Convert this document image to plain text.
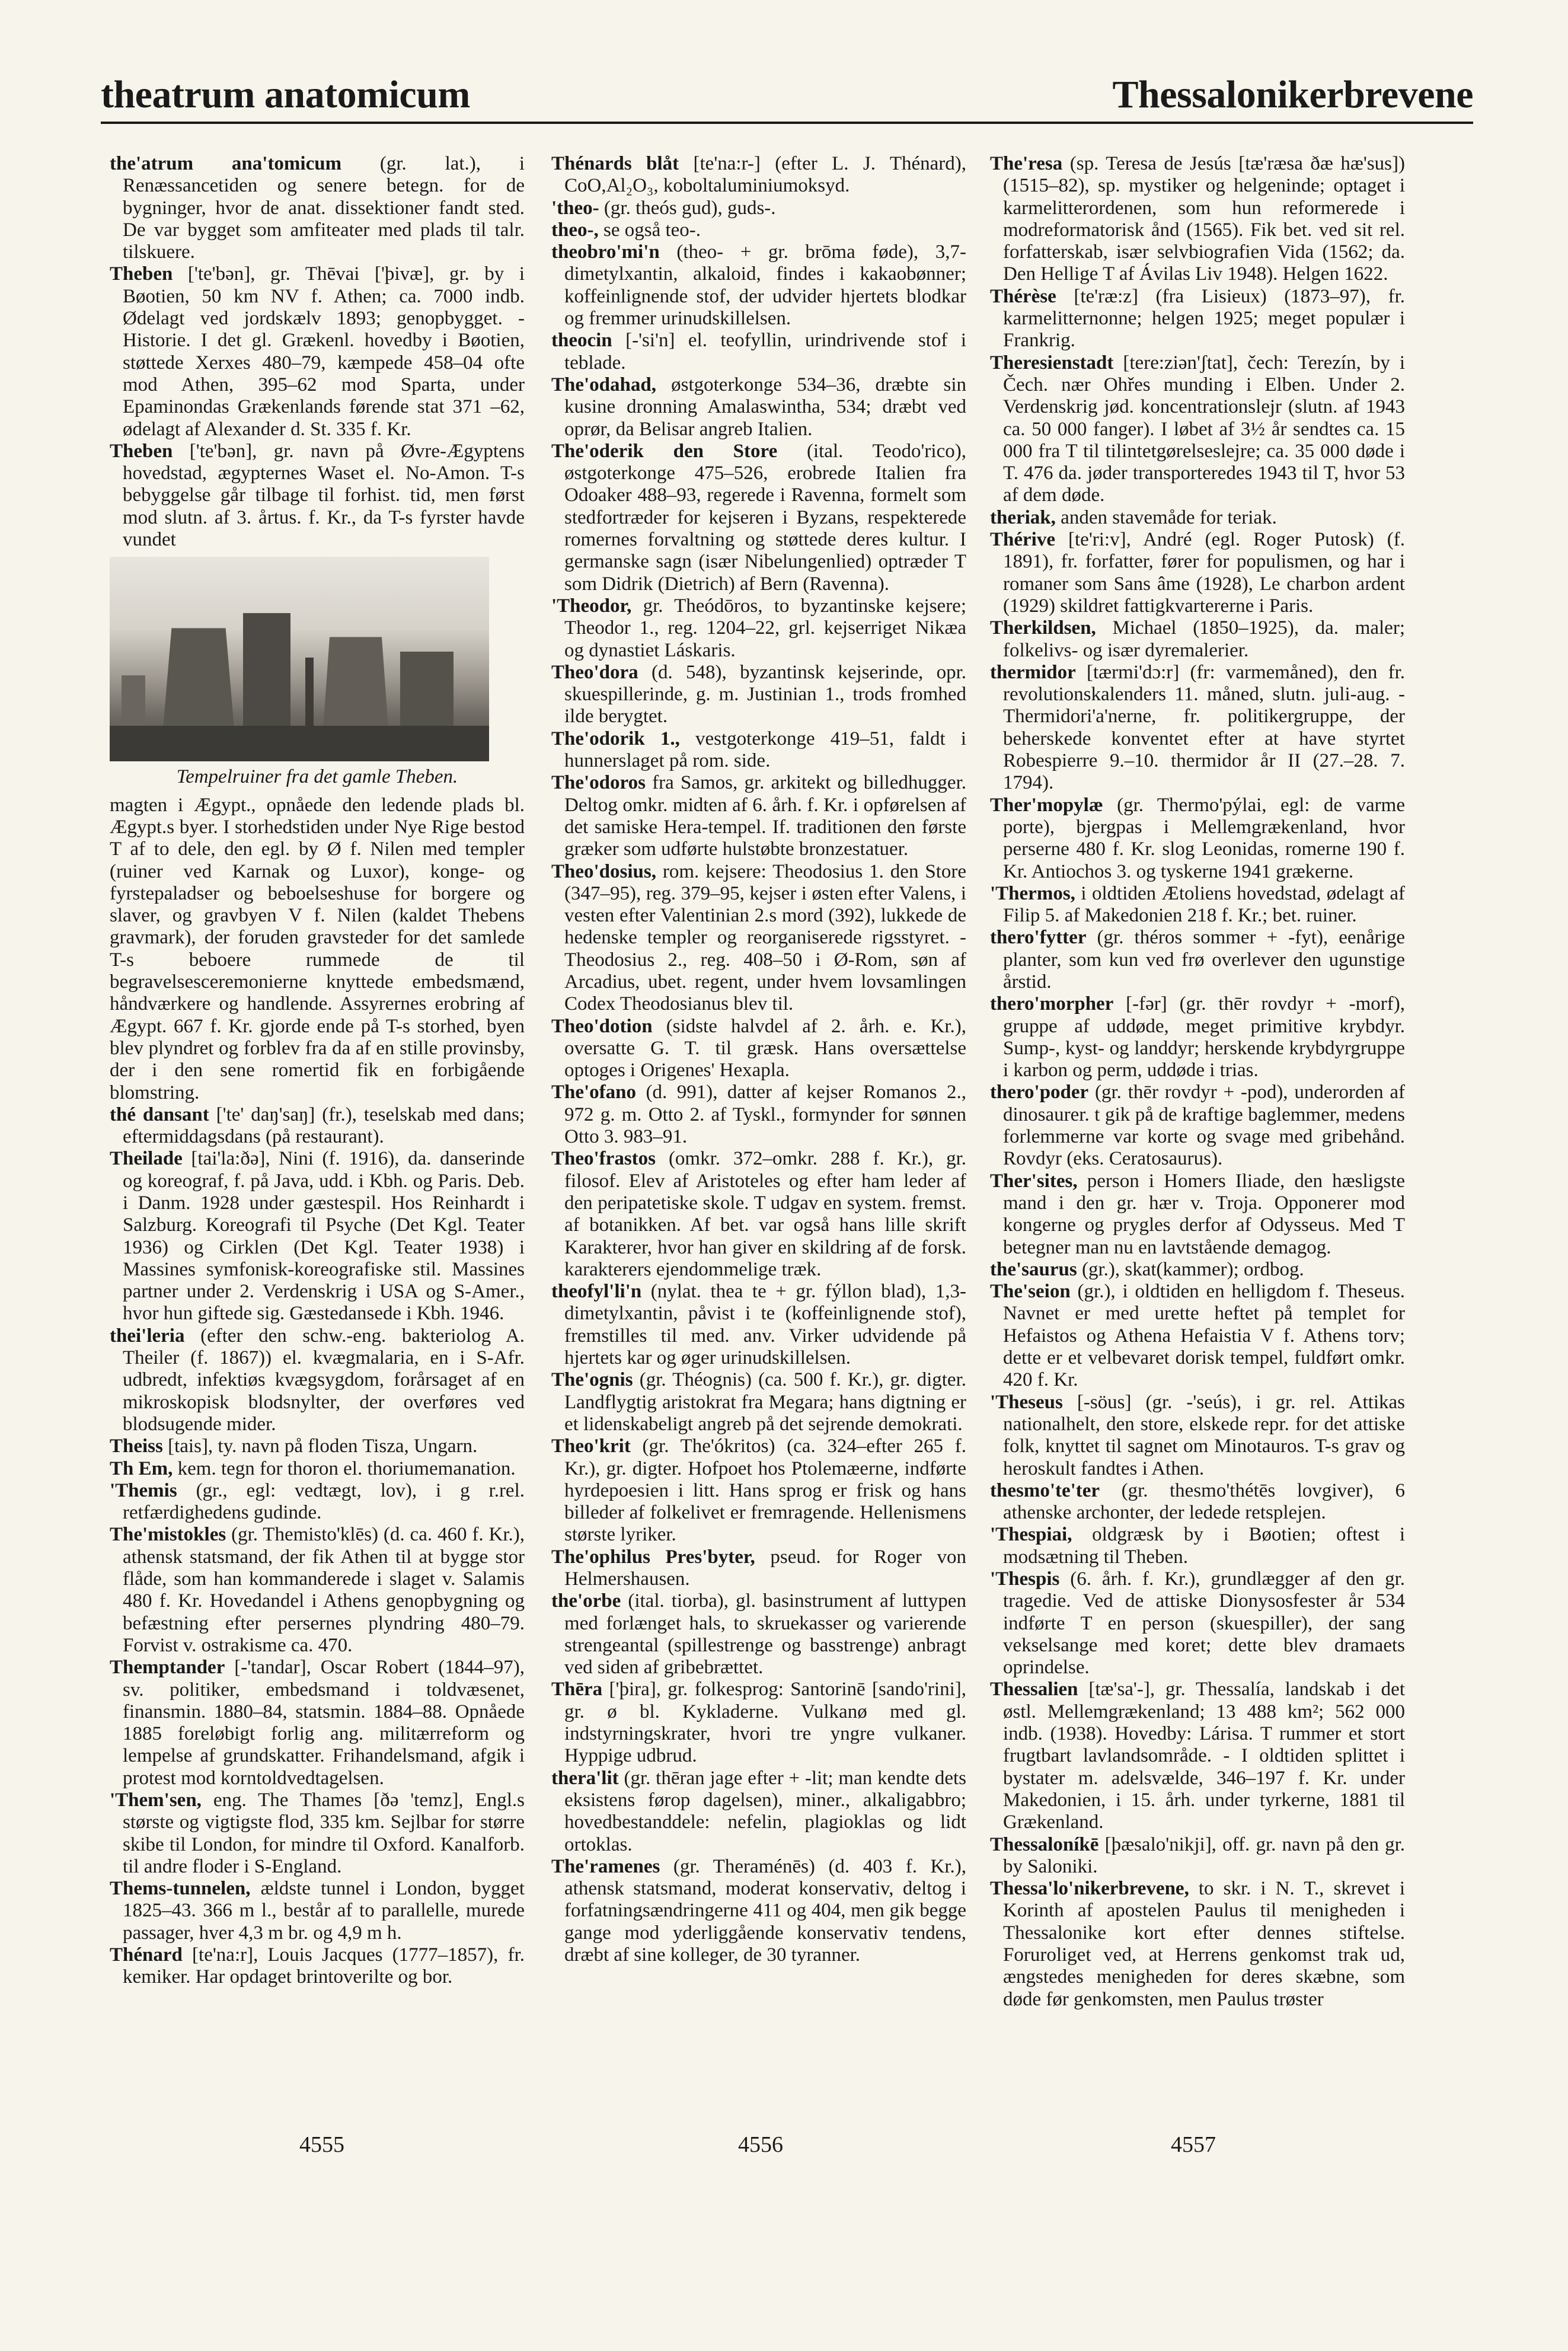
theatrum anatomicum	Thessalonikerbrevene

the'atrum ana'tomicum (gr. lat.), i Renæssancetiden og senere betegn. for de bygninger, hvor de anat. dissektioner fandt sted. De var bygget som amfiteater med plads til talr. tilskuere.

Theben ['te'bən], gr. Thēvai ['þivæ], gr. by i Bøotien, 50 km NV f. Athen; ca. 7000 indb. Ødelagt ved jordskælv 1893; genopbygget. - Historie. I det gl. Grækenl. hovedby i Bøotien, støttede Xerxes 480–79, kæmpede 458–04 ofte mod Athen, 395–62 mod Sparta, under Epaminondas Grækenlands førende stat 371 –62, ødelagt af Alexander d. St. 335 f. Kr.

Theben ['te'bən], gr. navn på Øvre-Ægyptens hovedstad, ægypternes Waset el. No-Amon. T-s bebyggelse går tilbage til forhist. tid, men først mod slutn. af 3. årtus. f. Kr., da T-s fyrster havde vundet

Tempelruiner fra det gamle Theben.

magten i Ægypt., opnåede den ledende plads bl. Ægypt.s byer. I storhedstiden under Nye Rige bestod T af to dele, den egl. by Ø f. Nilen med templer (ruiner ved Karnak og Luxor), konge- og fyrstepaladser og beboelseshuse for borgere og slaver, og gravbyen V f. Nilen (kaldet Thebens gravmark), der foruden gravsteder for det samlede T-s beboere rummede de til begravelsesceremonierne knyttede embedsmænd, håndværkere og handlende. Assyrernes erobring af Ægypt. 667 f. Kr. gjorde ende på T-s storhed, byen blev plyndret og forblev fra da af en stille provinsby, der i den sene romertid fik en forbigående blomstring.

thé dansant ['te' daŋ'saŋ] (fr.), teselskab med dans; eftermiddagsdans (på restaurant).

Theilade [tai'la:ðə], Nini (f. 1916), da. danserinde og koreograf, f. på Java, udd. i Kbh. og Paris. Deb. i Danm. 1928 under gæstespil. Hos Reinhardt i Salzburg. Koreografi til Psyche (Det Kgl. Teater 1936) og Cirklen (Det Kgl. Teater 1938) i Massines symfonisk-koreografiske stil. Massines partner under 2. Verdenskrig i USA og S-Amer., hvor hun giftede sig. Gæstedansede i Kbh. 1946.

thei'leria (efter den schw.-eng. bakteriolog A. Theiler (f. 1867)) el. kvægmalaria, en i S-Afr. udbredt, infektiøs kvægsygdom, forårsaget af en mikroskopisk blodsnylter, der overføres ved blodsugende mider.

Theiss [tais], ty. navn på floden Tisza, Ungarn.

Th Em, kem. tegn for thoron el. thoriumemanation.

'Themis (gr., egl: vedtægt, lov), i g r.rel. retfærdighedens gudinde.

The'mistokles (gr. Themisto'klēs) (d. ca. 460 f. Kr.), athensk statsmand, der fik Athen til at bygge stor flåde, som han kommanderede i slaget v. Salamis 480 f. Kr. Hovedandel i Athens genopbygning og befæstning efter persernes plyndring 480–79. Forvist v. ostrakisme ca. 470.

Themptander [-'tandar], Oscar Robert (1844–97), sv. politiker, embedsmand i toldvæsenet, finansmin. 1880–84, statsmin. 1884–88. Opnåede 1885 foreløbigt forlig ang. militærreform og lempelse af grundskatter. Frihandelsmand, afgik i protest mod korntoldvedtagelsen.

'Them'sen, eng. The Thames [ðə 'temz], Engl.s største og vigtigste flod, 335 km. Sejlbar for større skibe til London, for mindre til Oxford. Kanalforb. til andre floder i S-England.

Thems-tunnelen, ældste tunnel i London, bygget 1825–43. 366 m l., består af to parallelle, murede passager, hver 4,3 m br. og 4,9 m h.

Thénard [te'na:r], Louis Jacques (1777–1857), fr. kemiker. Har opdaget brintoverilte og bor.

Thénards blåt [te'na:r-] (efter L. J. Thénard), CoO,Al₂O₃, koboltaluminiumoksyd.

'theo- (gr. theós gud), guds-.

theo-, se også teo-.

theobro'mi'n (theo- + gr. brōma føde), 3,7-dimetylxantin, alkaloid, findes i kakaobønner; koffeinlignende stof, der udvider hjertets blodkar og fremmer urinudskillelsen.

theocin [-'si'n] el. teofyllin, urindrivende stof i teblade.

The'odahad, østgoterkonge 534–36, dræbte sin kusine dronning Amalaswintha, 534; dræbt ved oprør, da Belisar angreb Italien.

The'oderik den Store (ital. Teodo'rico), østgoterkonge 475–526, erobrede Italien fra Odoaker 488–93, regerede i Ravenna, formelt som stedfortræder for kejseren i Byzans, respekterede romernes forvaltning og støttede deres kultur. I germanske sagn (især Nibelungenlied) optræder T som Didrik (Dietrich) af Bern (Ravenna).

'Theodor, gr. Theódōros, to byzantinske kejsere; Theodor 1., reg. 1204–22, grl. kejserriget Nikæa og dynastiet Láskaris.

Theo'dora (d. 548), byzantinsk kejserinde, opr. skuespillerinde, g. m. Justinian 1., trods fromhed ilde berygtet.

The'odorik 1., vestgoterkonge 419–51, faldt i hunnerslaget på rom. side.

The'odoros fra Samos, gr. arkitekt og billedhugger. Deltog omkr. midten af 6. årh. f. Kr. i opførelsen af det samiske Hera-tempel. If. traditionen den første græker som udførte hulstøbte bronzestatuer.

Theo'dosius, rom. kejsere: Theodosius 1. den Store (347–95), reg. 379–95, kejser i østen efter Valens, i vesten efter Valentinian 2.s mord (392), lukkede de hedenske templer og reorganiserede rigsstyret. - Theodosius 2., reg. 408–50 i Ø-Rom, søn af Arcadius, ubet. regent, under hvem lovsamlingen Codex Theodosianus blev til.

Theo'dotion (sidste halvdel af 2. årh. e. Kr.), oversatte G. T. til græsk. Hans oversættelse optoges i Origenes' Hexapla.

The'ofano (d. 991), datter af kejser Romanos 2., 972 g. m. Otto 2. af Tyskl., formynder for sønnen Otto 3. 983–91.

Theo'frastos (omkr. 372–omkr. 288 f. Kr.), gr. filosof. Elev af Aristoteles og efter ham leder af den peripatetiske skole. T udgav en system. fremst. af botanikken. Af bet. var også hans lille skrift Karakterer, hvor han giver en skildring af de forsk. karakterers ejendommelige træk.

theofyl'li'n (nylat. thea te + gr. fýllon blad), 1,3-dimetylxantin, påvist i te (koffeinlignende stof), fremstilles til med. anv. Virker udvidende på hjertets kar og øger urinudskillelsen.

The'ognis (gr. Théognis) (ca. 500 f. Kr.), gr. digter. Landflygtig aristokrat fra Megara; hans digtning er et lidenskabeligt angreb på det sejrende demokrati.

Theo'krit (gr. The'ókritos) (ca. 324–efter 265 f. Kr.), gr. digter. Hofpoet hos Ptolemæerne, indførte hyrdepoesien i litt. Hans sprog er frisk og hans billeder af folkelivet er fremragende. Hellenismens største lyriker.

The'ophilus Pres'byter, pseud. for Roger von Helmershausen.

the'orbe (ital. tiorba), gl. basinstrument af luttypen med forlænget hals, to skruekasser og varierende strengeantal (spillestrenge og basstrenge) anbragt ved siden af gribebrættet.

Thēra ['þira], gr. folkesprog: Santorinē [sando'rini], gr. ø bl. Kykladerne. Vulkanø med gl. indstyrningskrater, hvori tre yngre vulkaner. Hyppige udbrud.

thera'lit (gr. thēran jage efter + -lit; man kendte dets eksistens førop dagelsen), miner., alkaligabbro; hovedbestanddele: nefelin, plagioklas og lidt ortoklas.

The'ramenes (gr. Theraménēs) (d. 403 f. Kr.), athensk statsmand, moderat konservativ, deltog i forfatningsændringerne 411 og 404, men gik begge gange mod yderliggående konservativ tendens, dræbt af sine kolleger, de 30 tyranner.

The'resa (sp. Teresa de Jesús [tæ'ræsa ðæ hæ'sus]) (1515–82), sp. mystiker og helgeninde; optaget i karmelitterordenen, som hun reformerede i modreformatorisk ånd (1565). Fik bet. ved sit rel. forfatterskab, især selvbiografien Vida (1562; da. Den Hellige T af Ávilas Liv 1948). Helgen 1622.

Thérèse [te'ræ:z] (fra Lisieux) (1873–97), fr. karmelitternonne; helgen 1925; meget populær i Frankrig.

Theresienstadt [tere:ziən'ʃtat], čech: Terezín, by i Čech. nær Ohřes munding i Elben. Under 2. Verdenskrig jød. koncentrationslejr (slutn. af 1943 ca. 50 000 fanger). I løbet af 3½ år sendtes ca. 15 000 fra T til tilintetgørelseslejre; ca. 35 000 døde i T. 476 da. jøder transporteredes 1943 til T, hvor 53 af dem døde.

theriak, anden stavemåde for teriak.

Thérive [te'ri:v], André (egl. Roger Putosk) (f. 1891), fr. forfatter, fører for populismen, og har i romaner som Sans âme (1928), Le charbon ardent (1929) skildret fattigkvartererne i Paris.

Therkildsen, Michael (1850–1925), da. maler; folkelivs- og især dyremalerier.

thermidor [tærmi'dɔ:r] (fr: varmemåned), den fr. revolutionskalenders 11. måned, slutn. juli-aug. - Thermidori'a'nerne, fr. politikergruppe, der beherskede konventet efter at have styrtet Robespierre 9.–10. thermidor år II (27.–28. 7. 1794).

Ther'mopylæ (gr. Thermo'pýlai, egl: de varme porte), bjergpas i Mellemgrækenland, hvor perserne 480 f. Kr. slog Leonidas, romerne 190 f. Kr. Antiochos 3. og tyskerne 1941 grækerne.

'Thermos, i oldtiden Ætoliens hovedstad, ødelagt af Filip 5. af Makedonien 218 f. Kr.; bet. ruiner.

thero'fytter (gr. théros sommer + -fyt), eenårige planter, som kun ved frø overlever den ugunstige årstid.

thero'morpher [-fər] (gr. thēr rovdyr + -morf), gruppe af uddøde, meget primitive krybdyr. Sump-, kyst- og landdyr; herskende krybdyrgruppe i karbon og perm, uddøde i trias.

thero'poder (gr. thēr rovdyr + -pod), underorden af dinosaurer. t gik på de kraftige baglemmer, medens forlemmerne var korte og svage med gribehånd. Rovdyr (eks. Ceratosaurus).

Ther'sites, person i Homers Iliade, den hæsligste mand i den gr. hær v. Troja. Opponerer mod kongerne og prygles derfor af Odysseus. Med T betegner man nu en lavtstående demagog.

the'saurus (gr.), skat(kammer); ordbog.

The'seion (gr.), i oldtiden en helligdom f. Theseus. Navnet er med urette heftet på templet for Hefaistos og Athena Hefaistia V f. Athens torv; dette er et velbevaret dorisk tempel, fuldført omkr. 420 f. Kr.

'Theseus [-söus] (gr. -'seús), i gr. rel. Attikas nationalhelt, den store, elskede repr. for det attiske folk, knyttet til sagnet om Minotauros. T-s grav og heroskult fandtes i Athen.

thesmo'te'ter (gr. thesmo'thétēs lovgiver), 6 athenske archonter, der ledede retsplejen.

'Thespiai, oldgræsk by i Bøotien; oftest i modsætning til Theben.

'Thespis (6. årh. f. Kr.), grundlægger af den gr. tragedie. Ved de attiske Dionysosfester år 534 indførte T en person (skuespiller), der sang vekselsange med koret; dette blev dramaets oprindelse.

Thessalien [tæ'sa'-], gr. Thessalía, landskab i det østl. Mellemgrækenland; 13 488 km²; 562 000 indb. (1938). Hovedby: Lárisa. T rummer et stort frugtbart lavlandsområde. - I oldtiden splittet i bystater m. adelsvælde, 346–197 f. Kr. under Makedonien, i 15. årh. under tyrkerne, 1881 til Grækenland.

Thessaloníkē [þæsalo'nikji], off. gr. navn på den gr. by Saloniki.

Thessa'lo'nikerbrevene, to skr. i N. T., skrevet i Korinth af apostelen Paulus til menigheden i Thessalonike kort efter dennes stiftelse. Foruroliget ved, at Herrens genkomst trak ud, ængstedes menigheden for deres skæbne, som døde før genkomsten, men Paulus trøster

4555	4556	4557
